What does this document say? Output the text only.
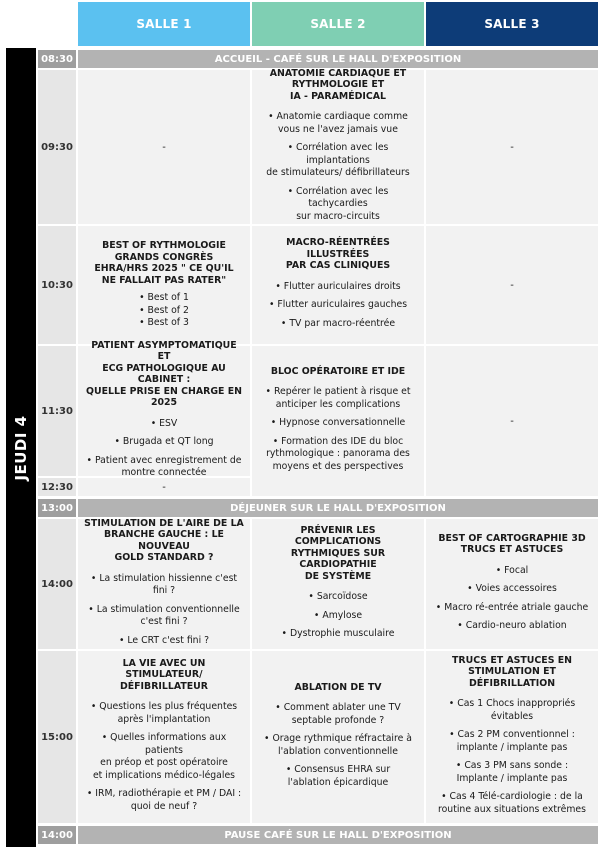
SALLE 1	SALLE 2	SALLE 3
JEUDI 4
08:30
09:30
10:30
11:30
12:30
13:00
14:00
15:00
14:00
ACCUEIL - CAFÉ SUR LE HALL D'EXPOSITION
DÉJEUNER SUR LE HALL D'EXPOSITION
PAUSE CAFÉ SUR LE HALL D'EXPOSITION
-
ANATOMIE CARDIAQUE ET
RYTHMOLOGIE ET
IA - PARAMÉDICAL
• Anatomie cardiaque comme
vous ne l'avez jamais vue
• Corrélation avec les implantations
de stimulateurs/ défibrillateurs
• Corrélation avec les tachycardies
sur macro-circuits
-
BEST OF RYTHMOLOGIE
GRANDS CONGRÈS
EHRA/HRS 2025 " CE QU'IL
NE FALLAIT PAS RATER"
• Best of 1
• Best of 2
• Best of 3
MACRO-RÉENTRÉES ILLUSTRÉES
PAR CAS CLINIQUES
• Flutter auriculaires droits
• Flutter auriculaires gauches
• TV par macro-réentrée
-
PATIENT ASYMPTOMATIQUE ET
ECG PATHOLOGIQUE AU CABINET :
QUELLE PRISE EN CHARGE EN 2025
• ESV
• Brugada et QT long
• Patient avec enregistrement de
montre connectée
BLOC OPÉRATOIRE ET IDE
• Repérer le patient à risque et
anticiper les complications
• Hypnose conversationnelle
• Formation des IDE du bloc
rythmologique : panorama des
moyens et des perspectives
-
-
STIMULATION DE L'AIRE DE LA
BRANCHE GAUCHE : LE NOUVEAU
GOLD STANDARD ?
• La stimulation hissienne c'est fini ?
• La stimulation conventionnelle
c'est fini ?
• Le CRT c'est fini ?
PRÉVENIR LES COMPLICATIONS
RYTHMIQUES SUR CARDIOPATHIE
DE SYSTÈME
• Sarcoïdose
• Amylose
• Dystrophie musculaire
BEST OF CARTOGRAPHIE 3D
TRUCS ET ASTUCES
• Focal
• Voies accessoires
• Macro ré-entrée atriale gauche
• Cardio-neuro ablation
LA VIE AVEC UN STIMULATEUR/
DÉFIBRILLATEUR
• Questions les plus fréquentes
après l'implantation
• Quelles informations aux patients
en préop et post opératoire
et implications médico-légales
• IRM, radiothérapie et PM / DAI :
quoi de neuf ?
ABLATION DE TV
• Comment ablater une TV
septable profonde ?
• Orage rythmique réfractaire à
l'ablation conventionnelle
• Consensus EHRA sur
l'ablation épicardique
TRUCS ET ASTUCES EN
STIMULATION ET DÉFIBRILLATION
• Cas 1 Chocs inappropriés évitables
• Cas 2 PM conventionnel :
implante / implante pas
• Cas 3 PM sans sonde :
Implante / implante pas
• Cas 4 Télé-cardiologie : de la
routine aux situations extrêmes
